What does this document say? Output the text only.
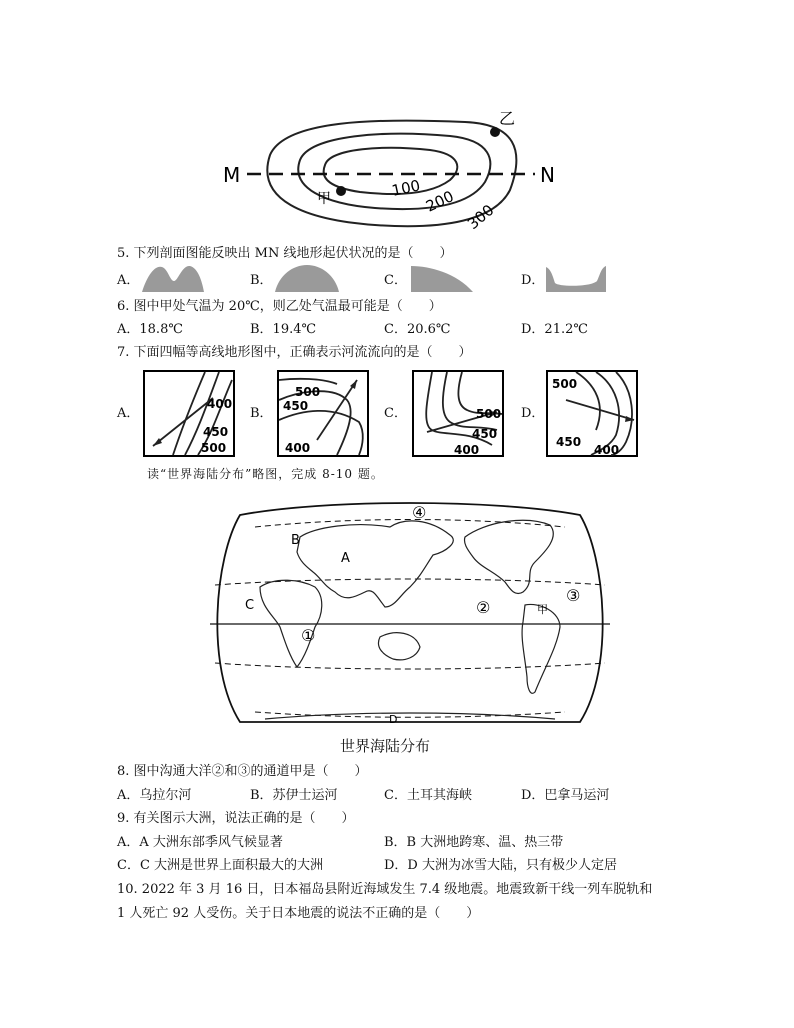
M	N
甲
乙
100 200 300
5. 下列剖面图能反映出 MN 线地形起伏状况的是（　　）
A．	B．	C．	D．
6. 图中甲处气温为 20℃，则乙处气温最可能是（　　）
A．18.8℃	B．19.4℃	C．20.6℃	D．21.2℃
7. 下面四幅等高线地形图中，正确表示河流流向的是（　　）
A．
400
450
500
B．
500
450
400
C．	500
450
400
D．
500
450
400
读“世界海陆分布”略图，完成 8-10 题。
A
B
C
D
甲
①
②
③
④
世界海陆分布
8. 图中沟通大洋②和③的通道甲是（　　）
A．乌拉尔河	B．苏伊士运河	C．土耳其海峡	D．巴拿马运河
9. 有关图示大洲，说法正确的是（　　）
A．A 大洲东部季风气候显著	B．B 大洲地跨寒、温、热三带
C．C 大洲是世界上面积最大的大洲	D．D 大洲为冰雪大陆，只有极少人定居
10. 2022 年 3 月 16 日，日本福岛县附近海域发生 7.4 级地震。地震致新干线一列车脱轨和
1 人死亡 92 人受伤。关于日本地震的说法不正确的是（　　）
